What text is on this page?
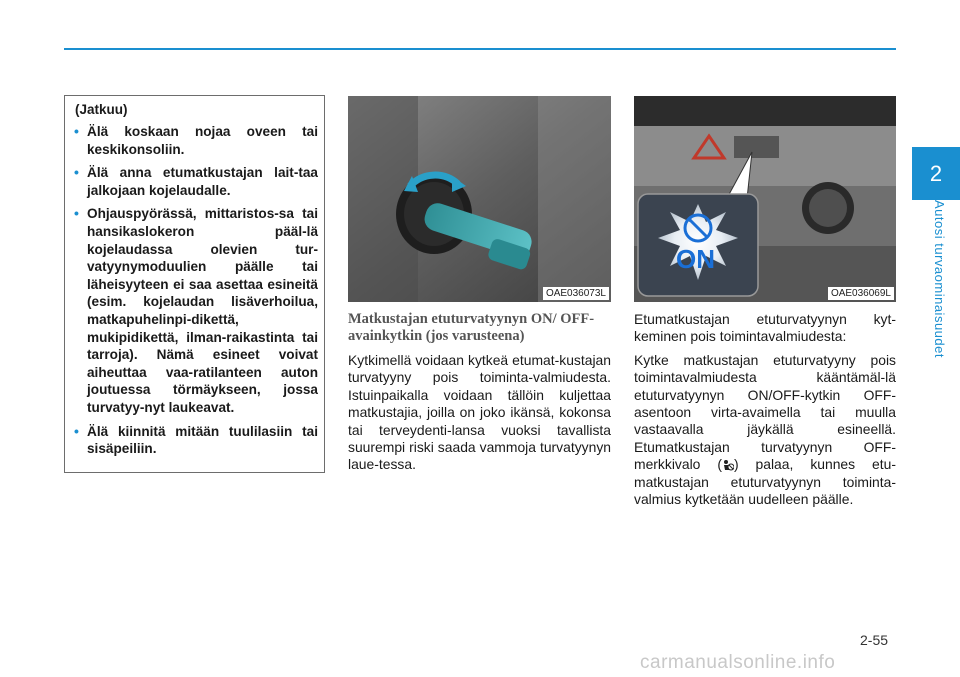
2
Autosi turvaominaisuudet
(Jatkuu)
• Älä koskaan nojaa oveen tai keskikonsoliin.
• Älä anna etumatkustajan lait-taa jalkojaan kojelaudalle.
• Ohjauspyörässä, mittaristos-sa tai hansikaslokeron pääl-lä kojelaudassa olevien tur-vatyynymoduulien päälle tai läheisyyteen ei saa asettaa esineitä (esim. kojelaudan lisäverhoilua, matkapuhelinpi-dikettä, mukipidikettä, ilman-raikastinta tai tarroja). Nämä esineet voivat aiheuttaa vaa-ratilanteen auton joutuessa törmäykseen, jossa turvatyy-nyt laukeavat.
• Älä kiinnitä mitään tuulilasiin tai sisäpeiliin.
OAE036073L
ON
OAE036069L
Matkustajan etuturvatyynyn ON/ OFF-avainkytkin (jos varusteena)

Kytkimellä voidaan kytkeä etumat-kustajan turvatyyny pois toiminta-valmiudesta. Istuinpaikalla voidaan tällöin kuljettaa matkustajia, joilla on joko ikänsä, kokonsa tai terveydenti-lansa vuoksi tavallista suurempi riski saada vammoja turvatyynyn laue-tessa.

Etumatkustajan etuturvatyynyn kyt-keminen pois toimintavalmiudesta:

Kytke matkustajan etuturvatyyny pois toimintavalmiudesta kääntämäl-lä etuturvatyynyn ON/OFF-kytkin OFF-asentoon virta-avaimella tai muulla vastaavalla jäykällä esineellä. Etumatkustajan turvatyynyn OFF-merkkivalo ( ) palaa, kunnes etu-matkustajan etuturvatyynyn toiminta-valmius kytketään uudelleen päälle.

2-55
carmanualsonline.info
